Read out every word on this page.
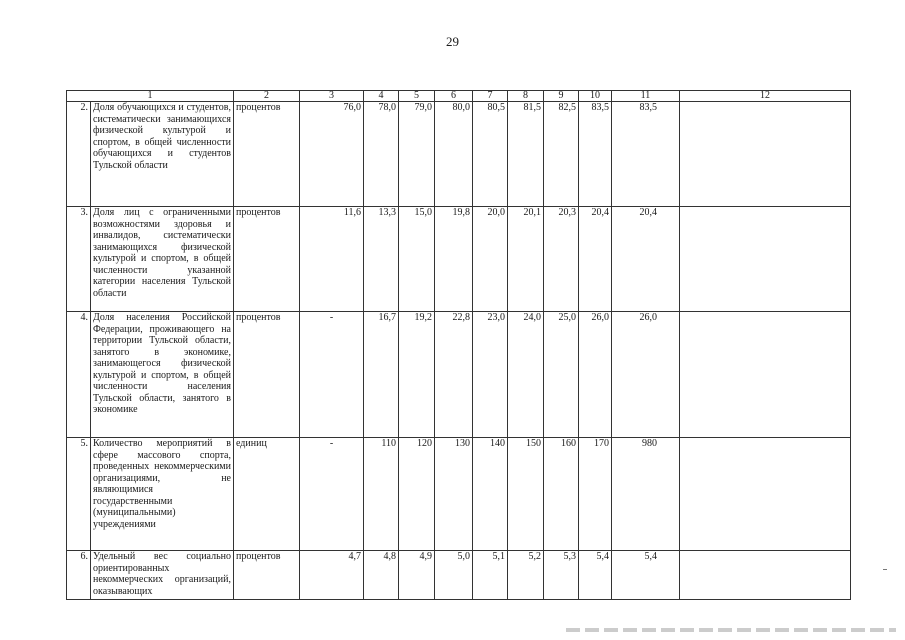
29
1		2	3	4	5	6	7	8	9	10	11	12
2.	Доля обучающихся и студентов, систематически занимающихся физической культурой и спортом, в общей численности обучающихся и студентов Тульской области	процентов	76,0	78,0	79,0	80,0	80,5	81,5	82,5	83,5	83,5	
3.	Доля лиц с ограниченными возможностями здоровья и инвалидов, систематически занимающихся физической культурой и спортом, в общей численности указанной категории населения Тульской области	процентов	11,6	13,3	15,0	19,8	20,0	20,1	20,3	20,4	20,4	
4.	Доля населения Российской Федерации, проживающего на территории Тульской области, занятого в экономике, занимающегося физической культурой и спортом, в общей численности населения Тульской области, занятого в экономике	процентов	-	16,7	19,2	22,8	23,0	24,0	25,0	26,0	26,0	
5.	Количество мероприятий в сфере массового спорта, проведенных некоммерческими организациями, не являющимися государственными (муниципальными) учреждениями	единиц	-	110	120	130	140	150	160	170	980	
6.	Удельный вес социально ориентированных некоммерческих организаций, оказывающих	процентов	4,7	4,8	4,9	5,0	5,1	5,2	5,3	5,4	5,4	
